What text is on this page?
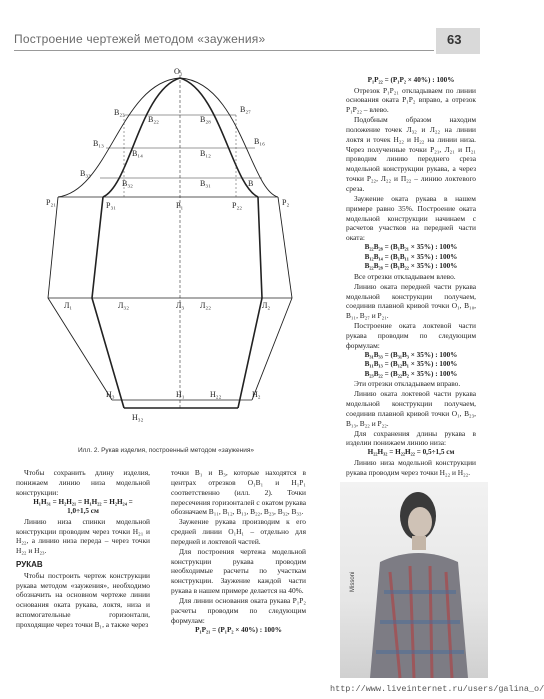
Построение чертежей методом «заужения»	63
O₁
B₂₃
B₂₂	B₂₈
B₂₇
B₁₃
B₁₄	B₁₂
B₁₆
B₃₃
B₃₂	B₃₁	B
P₂₁	P₃₁	P₁	P₂₂	P₂
Л₁	Л₃₂	Л₃ Л₂₂	Л₂
H₃
H₃₂
H₁	H₂₂	H₂
Илл. 2. Рукав изделия, построенный методом «заужения»

Чтобы сохранить длину изделия, понижаем линию низа модельной конструкции:

Н₁Н₃₁ = Н₂Н₂₁ = Н₁Н₂₂ = Н₂Н₂₄ =

1,0÷1,5 см

Линию низа спинки модельной конструкции проводим через точки Н₂₁ и Н₂₂, а линию низа переда – через точки Н₂₂ и Н₂₃.

РУКАВ

Чтобы построить чертеж конструкции рукава методом «заужения», необходимо обозначить на основном чертеже линии основания оката рукава, локтя, низа и вспомогательные горизонтали, проходящие через точки В₁, а также через

точки В₁ и В₃, которые находятся в центрах отрезков О₁В₁ и Н₁Р₁ соответственно (илл. 2). Точки пересечения горизонталей с окатом рукава обозначаем В₁₁, В₁₂, В₁₃, В₂₂, В₂₃, В₃₂, В₃₃.

Заужение рукава производим к его средней линии О₁Н₁ – отдельно для передней и локтевой частей.

Для построения чертежа модельной конструкции рукава проводим необходимые расчеты по участкам конструкции. Заужение каждой части рукава в нашем примере делается на 40%.

Для линии основания оката рукава Р₁Р₂ расчеты проводим по следующим формулам:

Р₁Р₂₁ = (Р₁Р₂ × 40%) : 100%

Р₁Р₂₂ = (Р₁Р₂ × 40%) : 100%

Отрезок Р₁Р₂₁ откладываем по линии основания оката Р₁Р₂ вправо, а отрезок Р₁Р₂₂ – влево.

Подобным образом находим положение точек Л₃₂ и Л₂₂ на линии локтя и точек Н₂₂ и Н₂₂ на линии низа. Через полученные точки Р₂₁, Л₂₁ и П₂₁ проводим линию переднего среза модельной конструкции рукава, а через точки Р₂₂, Л₂₂ и П₂₂ – линию локтевого среза.

Заужение оката рукава в нашем примере равно 35%. Построение оката модельной конструкции начинаем с расчетов участков на передней части оката:

В₂₂В₂₈ = (В₁В₂₁ × 35%) : 100%

В₁₂В₁₄ = (В₁В₁₁ × 35%) : 100%

В₂₂В₂₈ = (В₁В₂₂ × 35%) : 100%

Все отрезки откладываем влево.

Линию оката передней части рукава модельной конструкции получаем, соединив плавной кривой точки О₁, В₁₀, В₁₁, В₂₇ и Р₂₁.

Построение оката локтевой части рукава проводим по следующим формулам:

В₃₁В₃₃ = (В₃₁В₃ × 35%) : 100%

В₁₁В₁₃ = (В₁₂В₁ × 35%) : 100%

В₂₃В₂₂ = (В₂₂В₂ × 35%) : 100%

Эти отрезки откладываем вправо.

Линию оката локтевой части рукава модельной конструкции получаем, соединив плавной кривой точки О₁, В₂₃, В₁₃, В₂₂ и Р₂₂.

Для сохранения длины рукава в изделии понижаем линию низа:

Н₂₂Н₃₂ = Н₂₂Н₂₂ = 0,5÷1,5 см

Линию низа модельной конструкции рукава проводим через точки Н₂₂ и Н₂₂.

Missoni
http://www.liveinternet.ru/users/galina_o/
